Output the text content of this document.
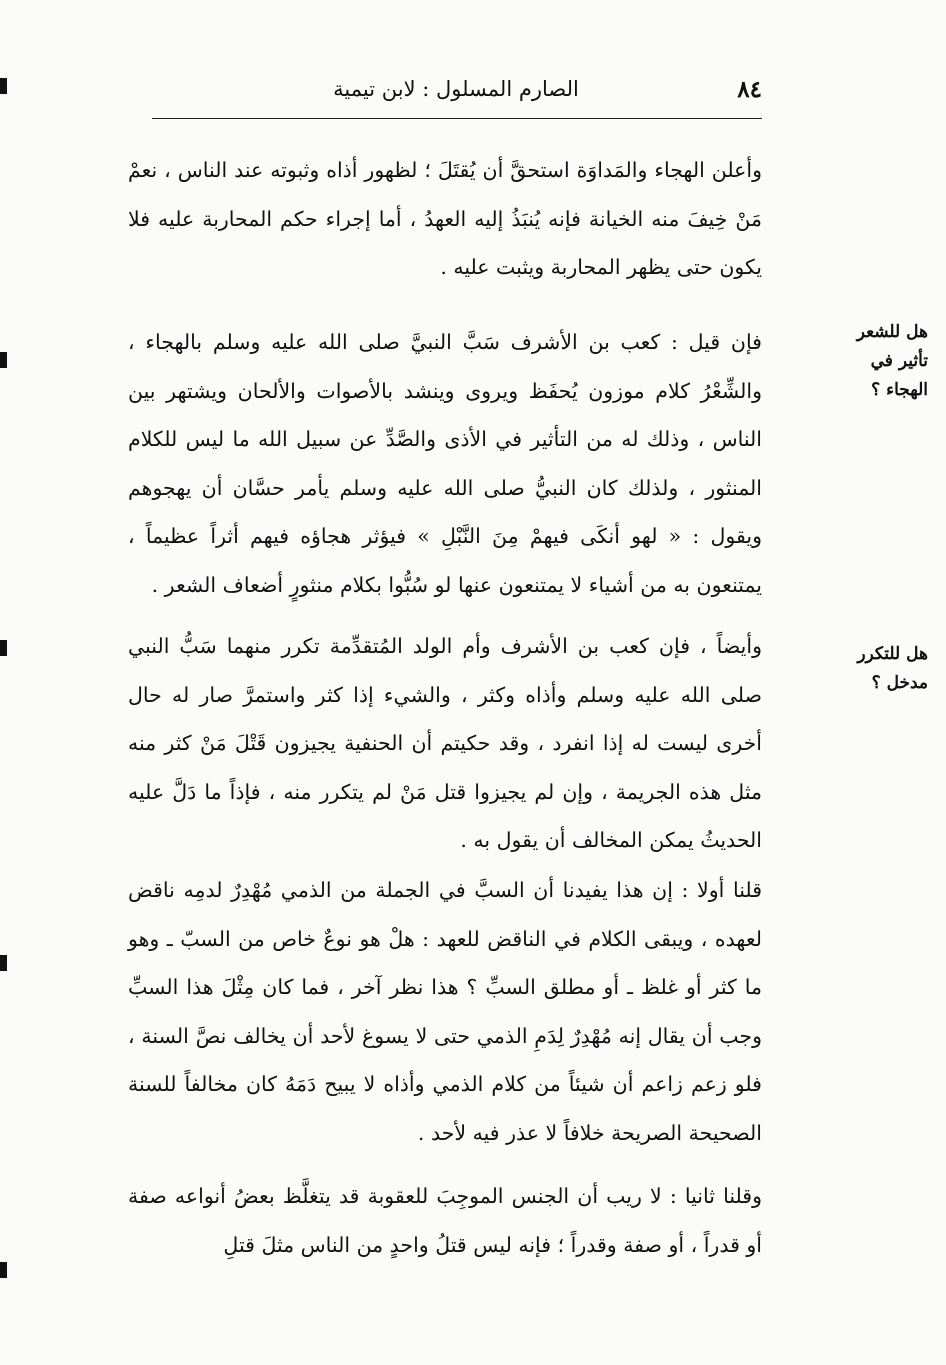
٨٤
الصارم المسلول : لابن تيمية

وأعلن الهجاء والمَداوَة استحقَّ أن يُقتَلَ ؛ لظهور أذاه وثبوته عند الناس ، نعمْ مَنْ خِيفَ منه الخيانة فإنه يُنبَذُ إليه العهدُ ، أما إجراء حكم المحاربة عليه فلا يكون حتى يظهر المحاربة ويثبت عليه .

فإن قيل : كعب بن الأشرف سَبَّ النبيَّ صلى الله عليه وسلم بالهجاء ، والشِّعْرُ كلام موزون يُحفَظ ويروى وينشد بالأصوات والألحان ويشتهر بين الناس ، وذلك له من التأثير في الأذى والصَّدِّ عن سبيل الله ما ليس للكلام المنثور ، ولذلك كان النبيُّ صلى الله عليه وسلم يأمر حسَّان أن يهجوهم ويقول : « لهو أنكَى فيهمْ مِنَ النَّبْلِ » فيؤثر هجاؤه فيهم أثراً عظيماً ، يمتنعون به من أشياء لا يمتنعون عنها لو سُبُّوا بكلام منثورٍ أضعاف الشعر .

وأيضاً ، فإن كعب بن الأشرف وأم الولد المُتقدِّمة تكرر منهما سَبُّ النبي صلى الله عليه وسلم وأذاه وكثر ، والشيء إذا كثر واستمرَّ صار له حال أخرى ليست له إذا انفرد ، وقد حكيتم أن الحنفية يجيزون قَتْلَ مَنْ كثر منه مثل هذه الجريمة ، وإن لم يجيزوا قتل مَنْ لم يتكرر منه ، فإذاً ما دَلَّ عليه الحديثُ يمكن المخالف أن يقول به .

قلنا أولا : إن هذا يفيدنا أن السبَّ في الجملة من الذمي مُهْدِرٌ لدمِه ناقض لعهده ، ويبقى الكلام في الناقض للعهد : هلْ هو نوعٌ خاص من السبّ ـ وهو ما كثر أو غلظ ـ أو مطلق السبِّ ؟ هذا نظر آخر ، فما كان مِثْلَ هذا السبِّ وجب أن يقال إنه مُهْدِرٌ لِدَمِ الذمي حتى لا يسوغ لأحد أن يخالف نصَّ السنة ، فلو زعم زاعم أن شيئاً من كلام الذمي وأذاه لا يبيح دَمَهُ كان مخالفاً للسنة الصحيحة الصريحة خلافاً لا عذر فيه لأحد .

وقلنا ثانيا : لا ريب أن الجنس الموجِبَ للعقوبة قد يتغلَّظ بعضُ أنواعه صفة أو قدراً ، أو صفة وقدراً ؛ فإنه ليس قتلُ واحدٍ من الناس مثلَ قتلِ

هل للشعر تأثير في الهجاء ؟
هل للتكرر مدخل ؟
